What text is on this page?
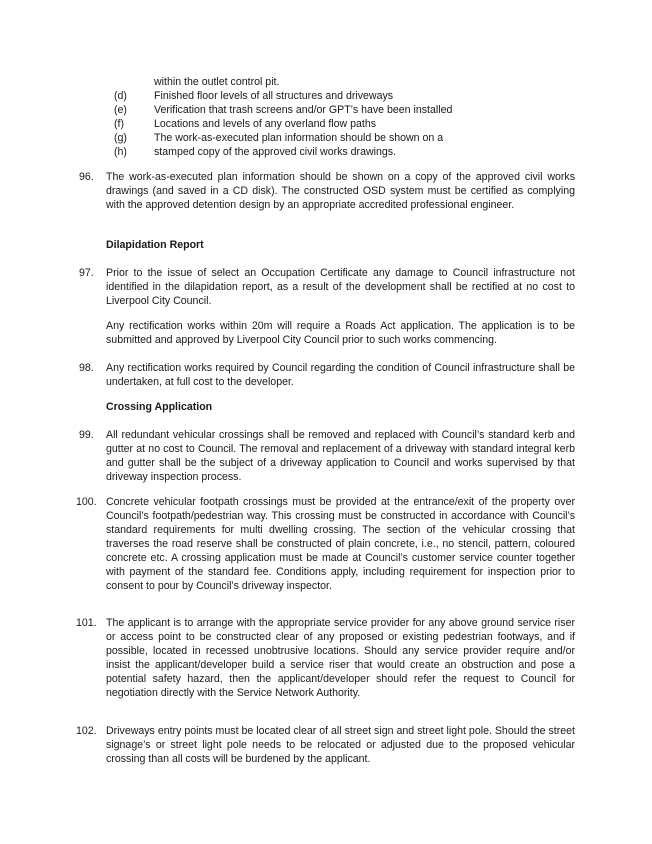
within the outlet control pit.
(d)	Finished floor levels of all structures and driveways
(e)	Verification that trash screens and/or GPT’s have been installed
(f)	Locations and levels of any overland flow paths
(g)	The work-as-executed plan information should be shown on a
(h)	stamped copy of the approved civil works drawings.
96. The work-as-executed plan information should be shown on a copy of the approved civil works drawings (and saved in a CD disk). The constructed OSD system must be certified as complying with the approved detention design by an appropriate accredited professional engineer.
Dilapidation Report
97. Prior to the issue of select an Occupation Certificate any damage to Council infrastructure not identified in the dilapidation report, as a result of the development shall be rectified at no cost to Liverpool City Council.
Any rectification works within 20m will require a Roads Act application. The application is to be submitted and approved by Liverpool City Council prior to such works commencing.
98. Any rectification works required by Council regarding the condition of Council infrastructure shall be undertaken, at full cost to the developer.
Crossing Application
99. All redundant vehicular crossings shall be removed and replaced with Council’s standard kerb and gutter at no cost to Council. The removal and replacement of a driveway with standard integral kerb and gutter shall be the subject of a driveway application to Council and works supervised by that driveway inspection process.
100. Concrete vehicular footpath crossings must be provided at the entrance/exit of the property over Council’s footpath/pedestrian way. This crossing must be constructed in accordance with Council’s standard requirements for multi dwelling crossing. The section of the vehicular crossing that traverses the road reserve shall be constructed of plain concrete, i.e., no stencil, pattern, coloured concrete etc. A crossing application must be made at Council’s customer service counter together with payment of the standard fee. Conditions apply, including requirement for inspection prior to consent to pour by Council’s driveway inspector.
101. The applicant is to arrange with the appropriate service provider for any above ground service riser or access point to be constructed clear of any proposed or existing pedestrian footways, and if possible, located in recessed unobtrusive locations. Should any service provider require and/or insist the applicant/developer build a service riser that would create an obstruction and pose a potential safety hazard, then the applicant/developer should refer the request to Council for negotiation directly with the Service Network Authority.
102. Driveways entry points must be located clear of all street sign and street light pole. Should the street signage’s or street light pole needs to be relocated or adjusted due to the proposed vehicular crossing than all costs will be burdened by the applicant.
